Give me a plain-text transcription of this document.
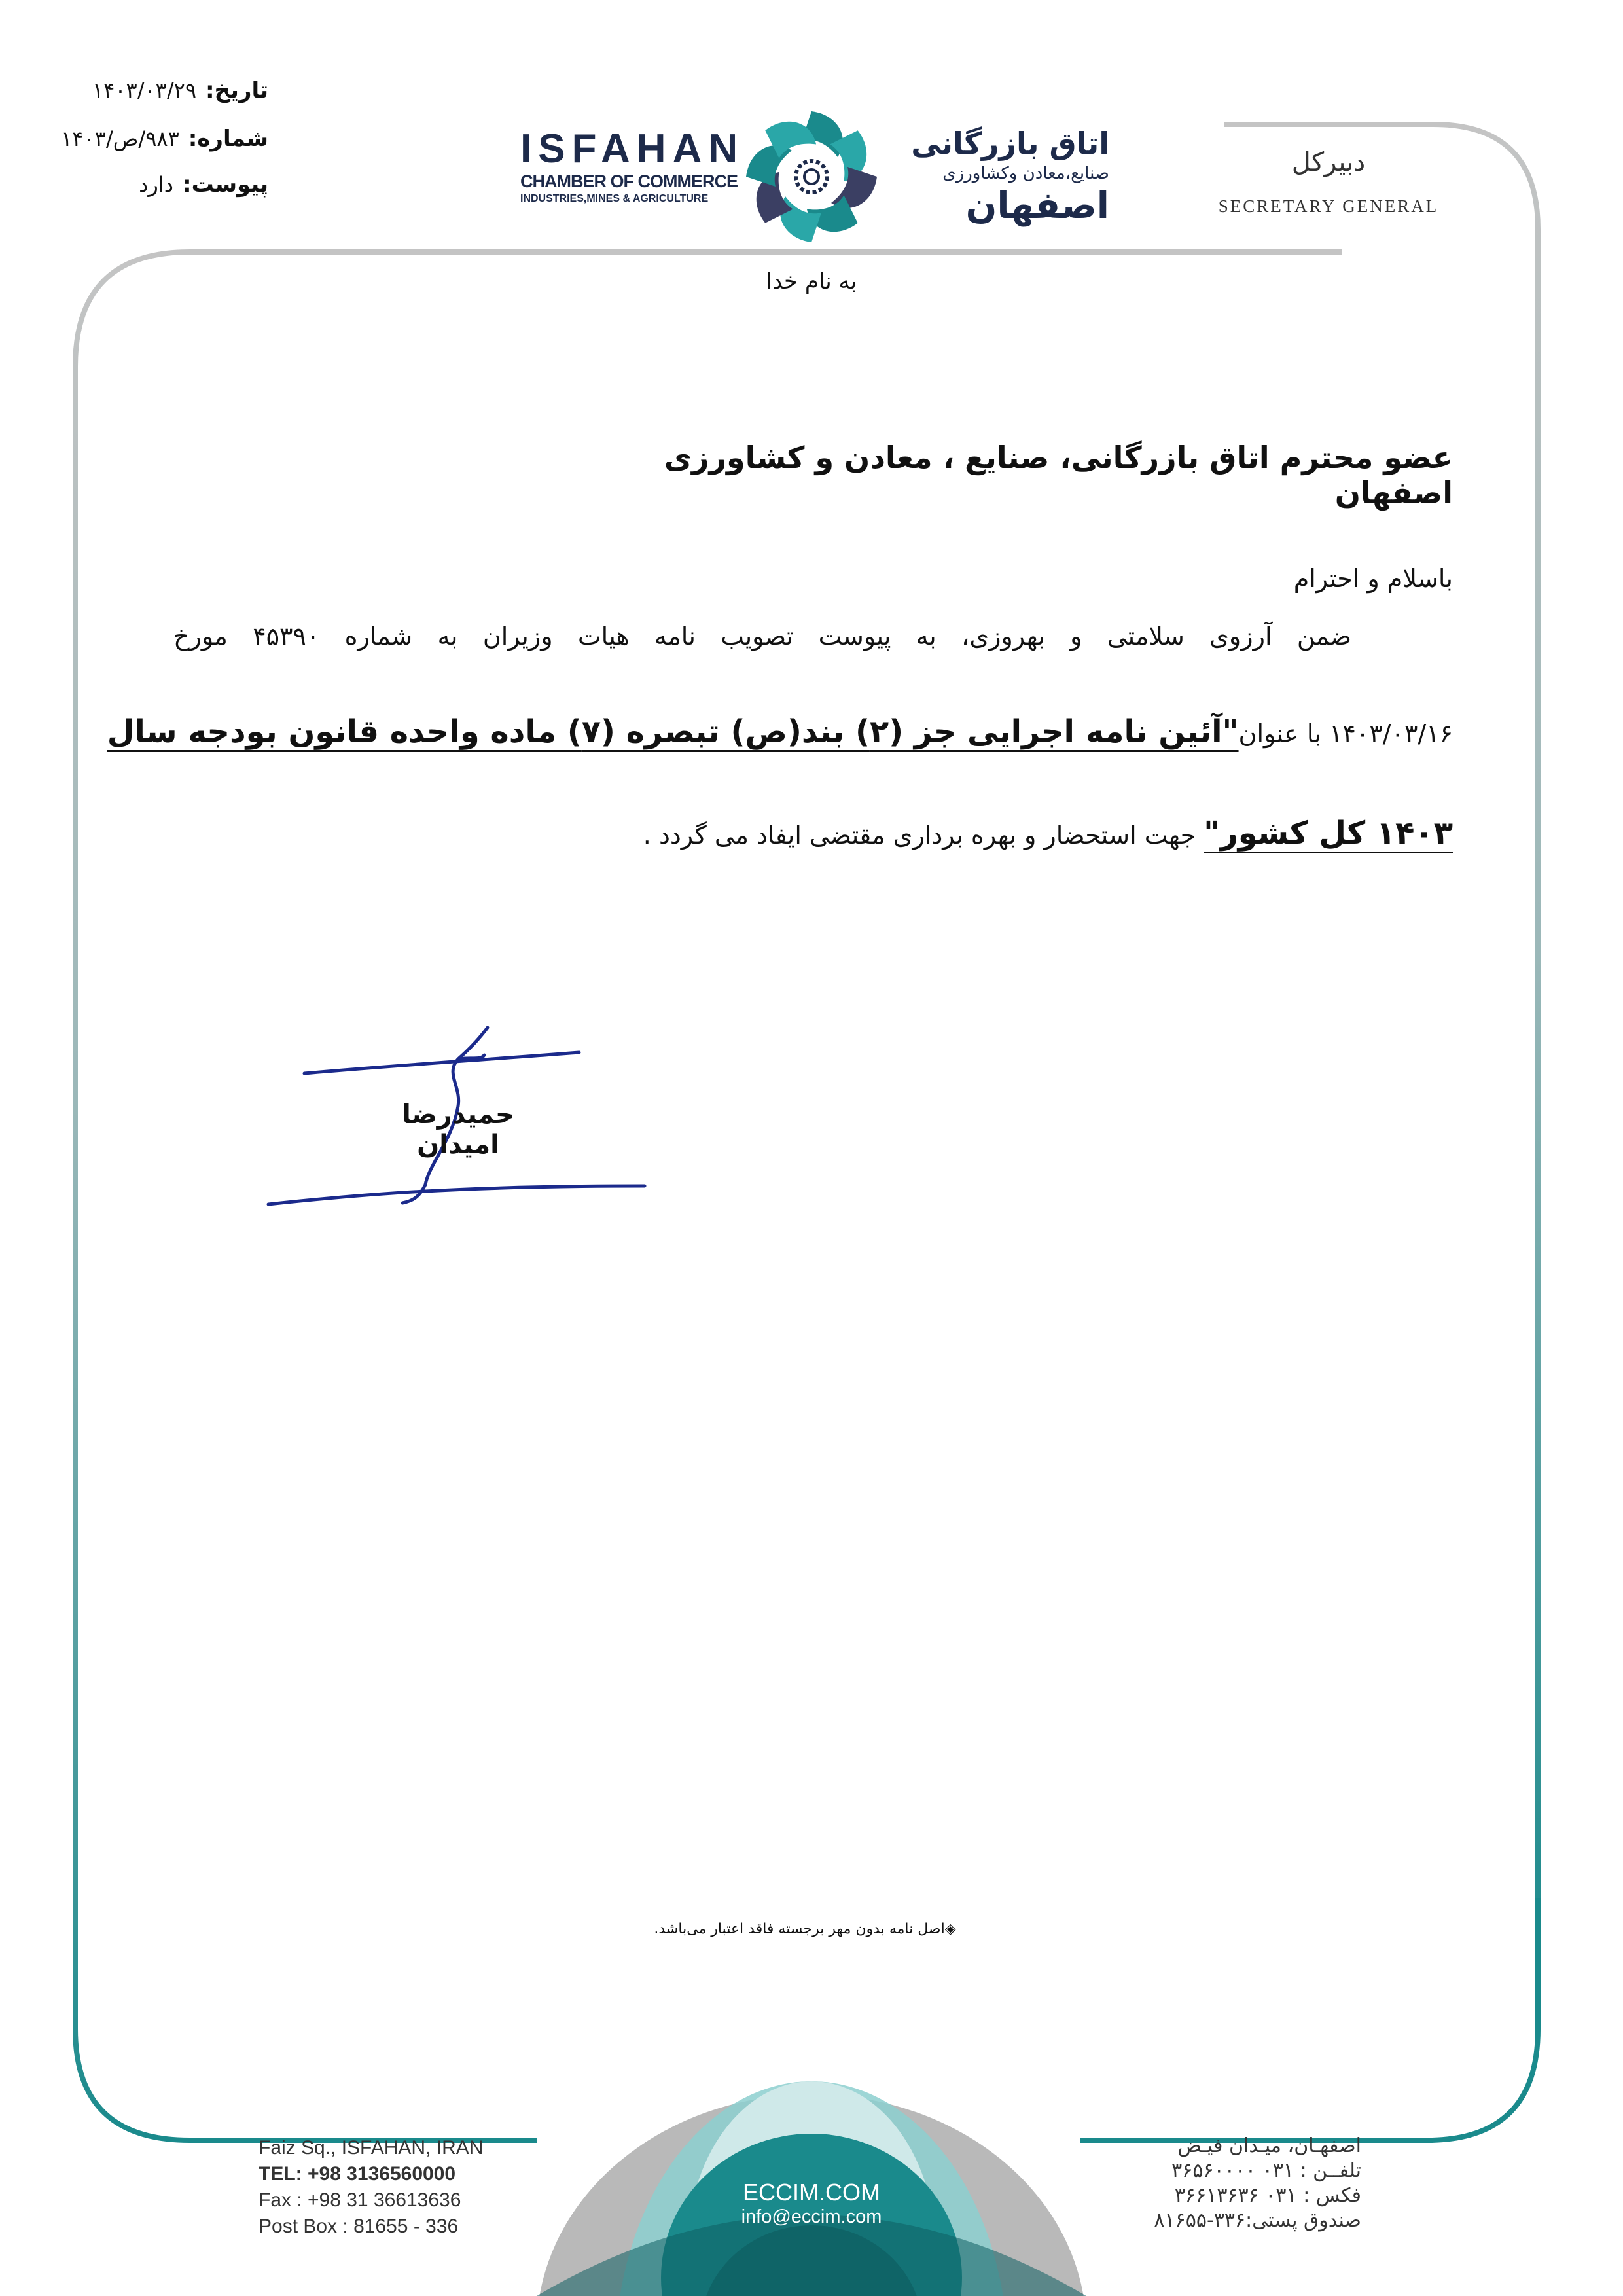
تاریخ:
۱۴۰۳/۰۳/۲۹
شماره:
۹۸۳/ص/۱۴۰۳
پیوست:
دارد
ISFAHAN
CHAMBER OF COMMERCE
INDUSTRIES,MINES & AGRICULTURE
اتاق بازرگانی
صنایع،معادن وکشاورزی
اصفهان
دبیرکل
SECRETARY GENERAL
به نام خدا
عضو محترم اتاق بازرگانی، صنایع ، معادن و کشاورزی اصفهان
باسلام و احترام
ضمن آرزوی سلامتی و بهروزی، به پیوست تصویب نامه هیات وزیران به شماره ۴۵۳۹۰ مورخ
۱۴۰۳/۰۳/۱۶ با عنوان"آئین نامه اجرایی جز (۲) بند(ص) تبصره (۷) ماده واحده قانون بودجه سال
۱۴۰۳ کل کشور" جهت استحضار و بهره برداری مقتضی ایفاد می گردد .
حمیدرضا امیدان
◈اصل نامه بدون مهر برجسته فاقد اعتبار می‌باشد.
Faiz Sq., ISFAHAN, IRAN
TEL: +98 3136560000
Fax : +98 31 36613636
Post Box : 81655 - 336
ECCIM.COM
info@eccim.com
اصفهـان، میـدان فیـض
تلفــن : ۰۳۱ ۳۶۵۶۰۰۰۰
فکس : ۰۳۱ ۳۶۶۱۳۶۳۶
صندوق پستی:۳۳۶-۸۱۶۵۵
